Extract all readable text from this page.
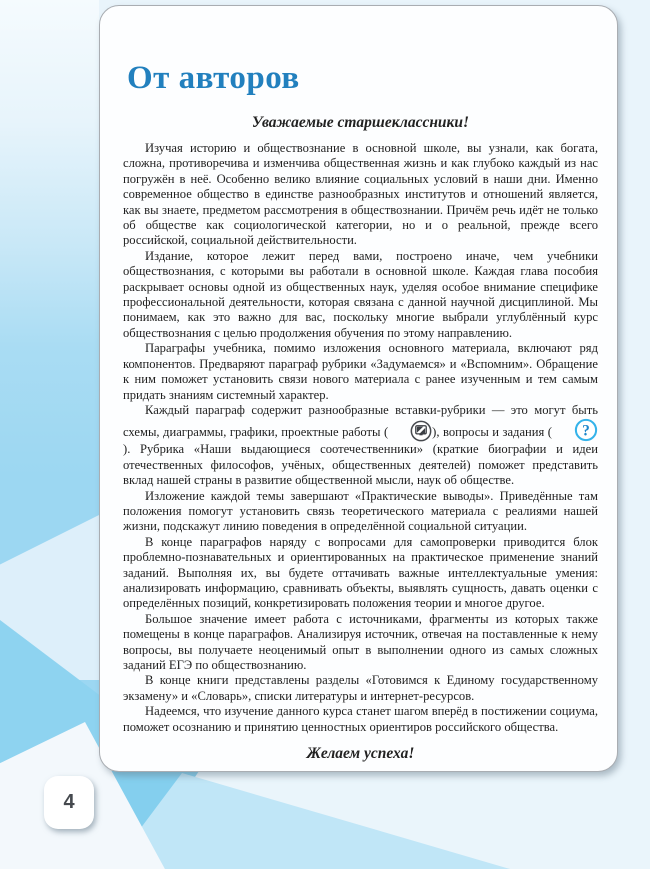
4
От авторов
Уважаемые старшеклассники!

Изучая историю и обществознание в основной школе, вы узнали, как богата, сложна, противоречива и изменчива общественная жизнь и как глубоко каждый из нас погружён в неё. Особенно велико влияние социальных условий в наши дни. Именно современное общество в единстве разнообразных институтов и отношений является, как вы знаете, предметом рассмотрения в обществознании. Причём речь идёт не только об обществе как социологической категории, но и о реальной, прежде всего российской, социальной действительности.

Издание, которое лежит перед вами, построено иначе, чем учебники обществознания, с которыми вы работали в основной школе. Каждая глава пособия раскрывает основы одной из общественных наук, уделяя особое внимание специфике профессиональной деятельности, которая связана с данной научной дисциплиной. Мы понимаем, как это важно для вас, поскольку многие выбрали углублённый курс обществознания с целью продолжения обучения по этому направлению.

Параграфы учебника, помимо изложения основного материала, включают ряд компонентов. Предваряют параграф рубрики «Задумаемся» и «Вспомним». Обращение к ним поможет установить связи нового материала с ранее изученным и тем самым придать знаниям системный характер.

Каждый параграф содержит разнообразные вставки-рубрики — это могут быть схемы, диаграммы, графики, проектные работы (	), вопросы и задания ( ?
). Рубрика «Наши выдающиеся соотечественники» (краткие биографии и идеи отечественных философов, учёных, общественных деятелей) поможет представить вклад нашей страны в развитие общественной мысли, наук об обществе.

Изложение каждой темы завершают «Практические выводы». Приведённые там положения помогут установить связь теоретического материала с реалиями нашей жизни, подскажут линию поведения в определённой социальной ситуации.

В конце параграфов наряду с вопросами для самопроверки приводится блок проблемно-познавательных и ориентированных на практическое применение знаний заданий. Выполняя их, вы будете оттачивать важные интеллектуальные умения: анализировать информацию, сравнивать объекты, выявлять сущность, давать оценки с определённых позиций, конкретизировать положения теории и многое другое.

Большое значение имеет работа с источниками, фрагменты из которых также помещены в конце параграфов. Анализируя источник, отвечая на поставленные к нему вопросы, вы получаете неоценимый опыт в выполнении одного из самых сложных заданий ЕГЭ по обществознанию.

В конце книги представлены разделы «Готовимся к Единому государственному экзамену» и «Словарь», списки литературы и интернет-ресурсов.

Надеемся, что изучение данного курса станет шагом вперёд в постижении социума, поможет осознанию и принятию ценностных ориентиров российского общества.

Желаем успеха!
